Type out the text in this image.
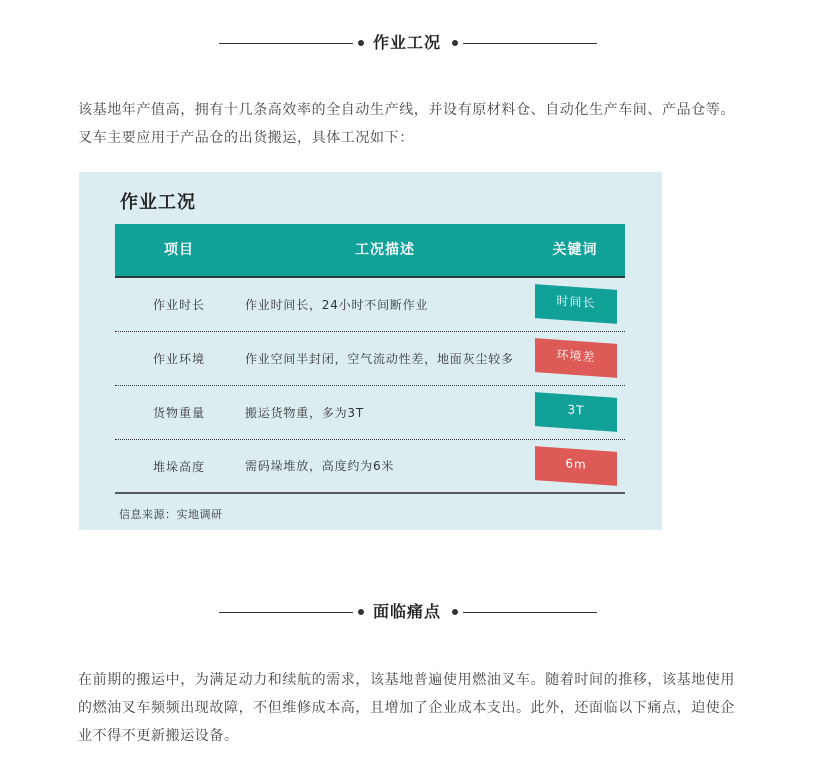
作业工况
该基地年产值高，拥有十几条高效率的全自动生产线，并设有原材料仓、自动化生产车间、产品仓等。叉车主要应用于产品仓的出货搬运，具体工况如下：
作业工况
项目	工况描述	关键词
作业时长	作业时间长，24小时不间断作业	时间长
作业环境	作业空间半封闭，空气流动性差，地面灰尘较多	环境差
货物重量	搬运货物重，多为3T	3T
堆垛高度	需码垛堆放，高度约为6米	6m
信息来源：实地调研
面临痛点
在前期的搬运中，为满足动力和续航的需求，该基地普遍使用燃油叉车。随着时间的推移，该基地使用的燃油叉车频频出现故障，不但维修成本高，且增加了企业成本支出。此外，还面临以下痛点，迫使企业不得不更新搬运设备。
